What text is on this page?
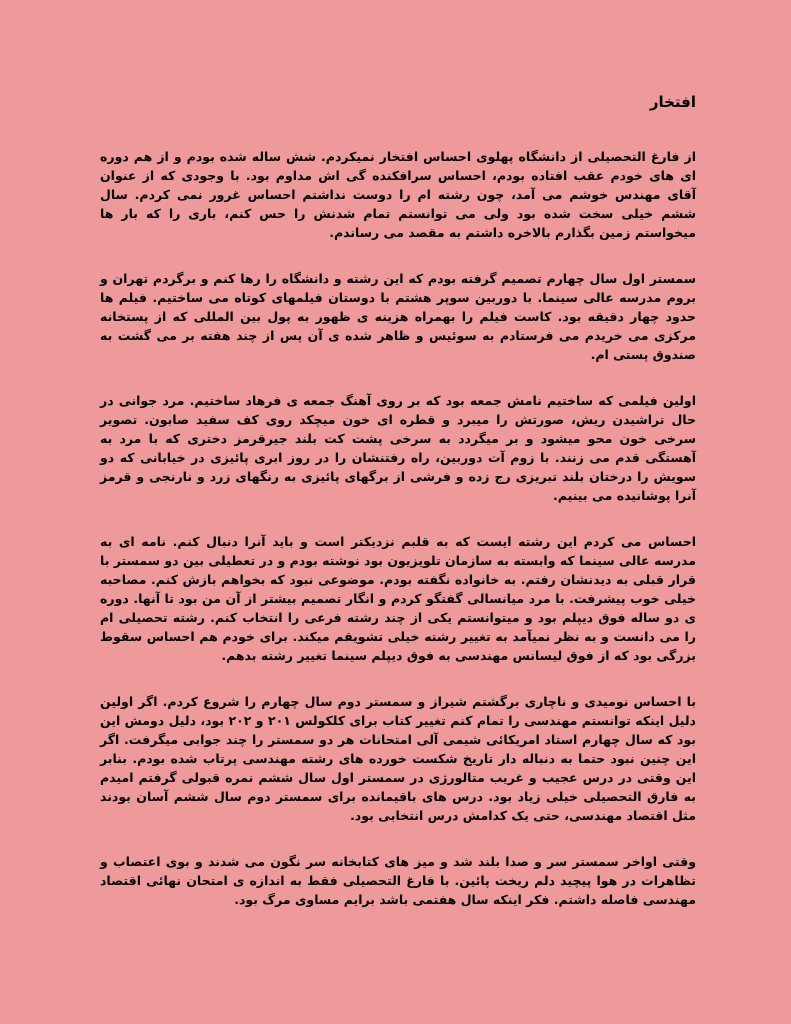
افتخار

از فارغ التحصیلی از دانشگاه پهلوی احساس افتخار نمیکردم. شش ساله شده بودم و از هم دوره ای های خودم عقب افتاده بودم، احساس سرافکنده گی اش مداوم بود. با وجودی که از عنوان آقای مهندس خوشم می آمد، چون رشته ام را دوست نداشتم احساس غرور نمی کردم. سال ششم خیلی سخت شده بود ولی می توانستم تمام شدنش را حس کنم، باری را که بار ها میخواستم زمین بگذارم بالاخره داشتم به مقصد می رساندم.

سمستر اول سال چهارم تصمیم گرفته بودم که این رشته و دانشگاه را رها کنم و برگردم تهران و بروم مدرسه عالی سینما. با دوربین سوپر هشتم با دوستان فیلمهای کوتاه می ساختیم. فیلم ها حدود چهار دقیقه بود. کاست فیلم را بهمراه هزینه ی ظهور به پول بین المللی که از پستخانه مرکزی می خریدم می فرستادم به سوئیس و ظاهر شده ی آن پس از چند هفته بر می گشت به صندوق پستی ام.

اولین فیلمی که ساختیم نامش جمعه بود که بر روی آهنگ جمعه ی فرهاد ساختیم. مرد جوانی در حال تراشیدن ریش، صورتش را میبرد و قطره ای خون میچکد روی کف سفید صابون. تصویر سرخی خون محو میشود و بر میگردد به سرخی پشت کت بلند جیرقرمز دختری که با مرد به آهستگی قدم می زنند. با زوم آت دوربین، راه رفتنشان را در روز ابری پائیزی در خیابانی که دو سویش را درختان بلند تبریزی رج زده و فرشی از برگهای پائیزی به رنگهای زرد و نارنجی و قرمز آنرا پوشانیده می بینیم.

احساس می کردم این رشته ایست که به قلبم نزدیکتر است و باید آنرا دنبال کنم. نامه ای به مدرسه عالی سینما که وابسته به سازمان تلویزیون بود نوشته بودم و در تعطیلی بین دو سمستر با قرار قبلی به دیدنشان رفتم. به خانواده نگفته بودم. موضوعی نبود که بخواهم بازش کنم. مصاحبه خیلی خوب پیشرفت. با مرد میانسالی گفتگو کردم و انگار تصمیم بیشتر از آن من بود تا آنها. دوره ی دو ساله فوق دیپلم بود و میتوانستم یکی از چند رشته فرعی را انتخاب کنم. رشته تحصیلی ام را می دانست و به نظر نمیآمد به تغییر رشته خیلی تشویقم میکند. برای خودم هم احساس سقوط بزرگی بود که از فوق لیسانس مهندسی به فوق دیپلم سینما تغییر رشته بدهم.

با احساس نومیدی و ناچاری برگشتم شیراز و سمستر دوم سال چهارم را شروع کردم. اگر اولین دلیل اینکه توانستم مهندسی را تمام کنم تغییر کتاب برای کلکولس ۲۰۱ و ۲۰۲ بود، دلیل دومش این بود که سال چهارم استاد امریکائی شیمی آلی امتحانات هر دو سمستر را چند جوابی میگرفت. اگر این چنین نبود حتما به دنباله دار تاریخ شکست خورده های رشته مهندسی پرتاب شده بودم. بنابر این وقتی در درس عجیب و غریب متالورژی در سمستر اول سال ششم نمره قبولی گرفتم امیدم به فارق التحصیلی خیلی زیاد بود. درس های باقیمانده برای سمستر دوم سال ششم آسان بودند مثل اقتصاد مهندسی، حتی یک کدامش درس انتخابی بود.

وقتی اواخر سمستر سر و صدا بلند شد و میز های کتابخانه سر نگون می شدند و بوی اعتصاب و تظاهرات در هوا پیچید دلم ریخت پائین. با فارغ التحصیلی فقط به اندازه ی امتحان نهائی اقتصاد مهندسی فاصله داشتم. فکر اینکه سال هفتمی باشد برایم مساوی مرگ بود.
